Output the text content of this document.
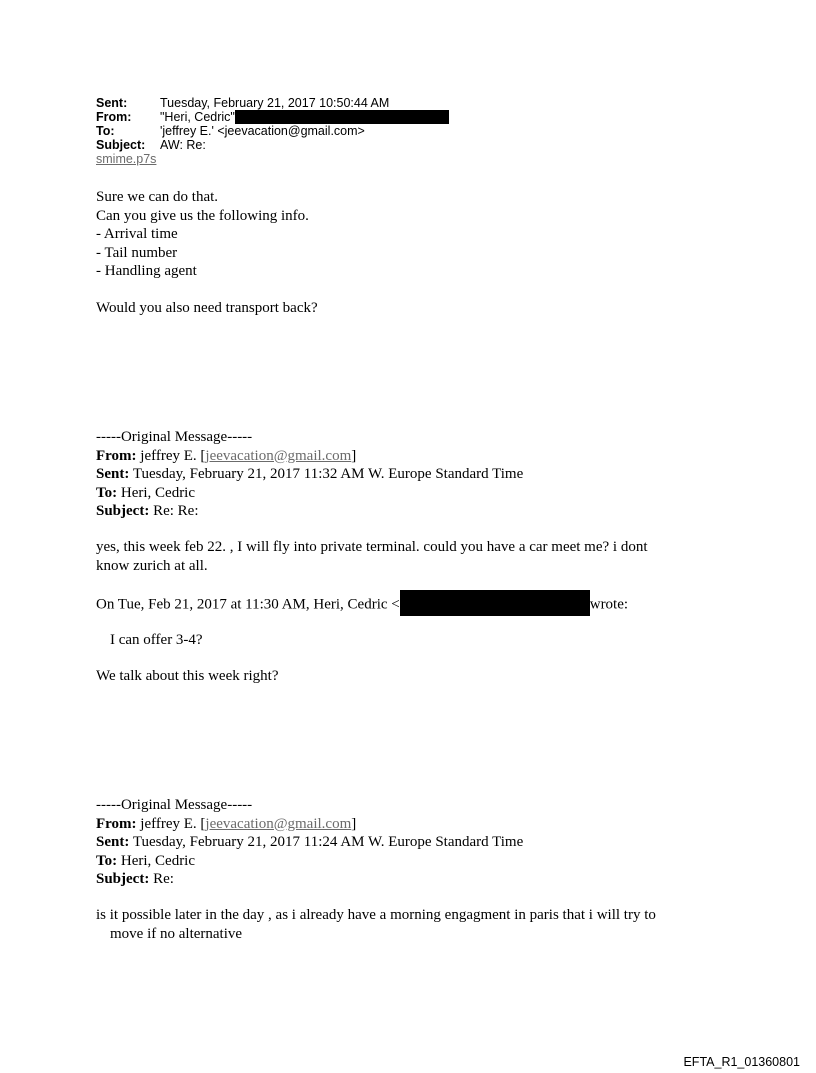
Sent:	Tuesday, February 21, 2017 10:50:44 AM
From: "Heri, Cedric"
To:	'jeffrey E.' <jeevacation@gmail.com>
Subject: AW: Re:
smime.p7s
Sure we can do that.
Can you give us the following info.
- Arrival time
- Tail number
- Handling agent
Would you also need transport back?
-----Original Message-----
From: jeffrey E. [jeevacation@gmail.com]
Sent: Tuesday, February 21, 2017 11:32 AM W. Europe Standard Time
To: Heri, Cedric
Subject: Re: Re:
yes, this week feb 22. , I will fly into private terminal. could you have a car meet me? i dont
know zurich at all.
On Tue, Feb 21, 2017 at 11:30 AM, Heri, Cedric <	wrote:
I can offer 3-4?
We talk about this week right?
-----Original Message-----
From: jeffrey E. [jeevacation@gmail.com]
Sent: Tuesday, February 21, 2017 11:24 AM W. Europe Standard Time
To: Heri, Cedric
Subject: Re:
is it possible later in the day , as i already have a morning engagment in paris that i will try to
move if no alternative
EFTA_R1_01360801
